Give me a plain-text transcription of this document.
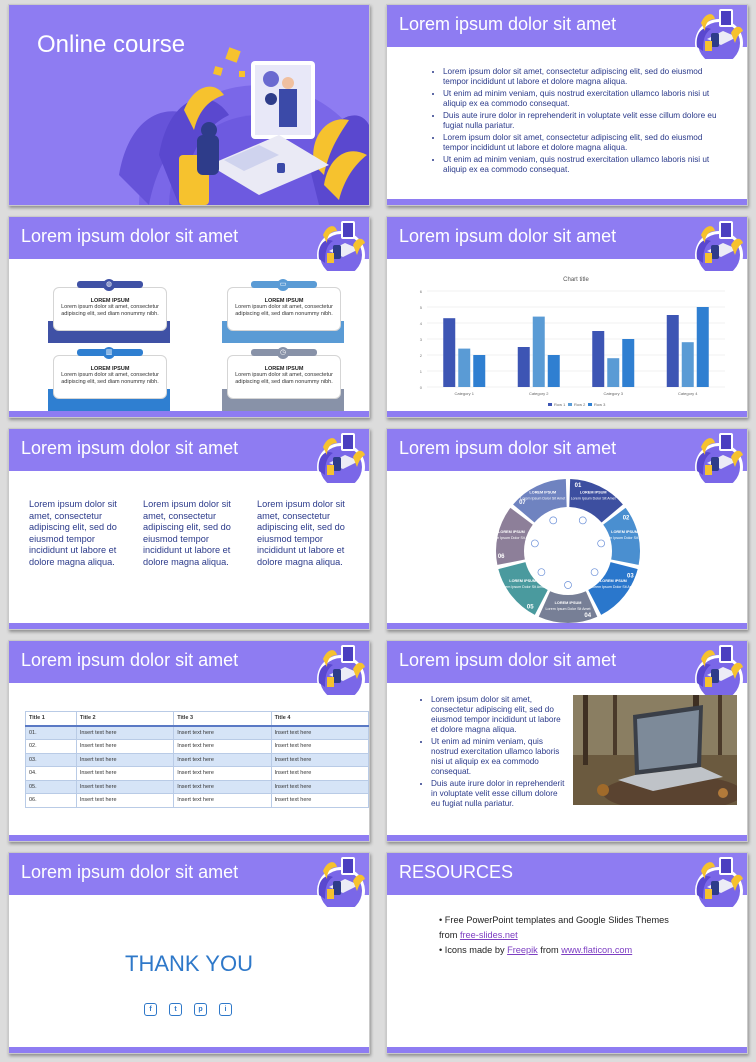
Online course
Lorem ipsum dolor sit amet
• Lorem ipsum dolor sit amet, consectetur adipiscing elit, sed do eiusmod tempor incididunt ut labore et dolore magna aliqua.
• Ut enim ad minim veniam, quis nostrud exercitation ullamco laboris nisi ut aliquip ex ea commodo consequat.
• Duis aute irure dolor in reprehenderit in voluptate velit esse cillum dolore eu fugiat nulla pariatur.
• Lorem ipsum dolor sit amet, consectetur adipiscing elit, sed do eiusmod tempor incididunt ut labore et dolore magna aliqua.
• Ut enim ad minim veniam, quis nostrud exercitation ullamco laboris nisi ut aliquip ex ea commodo consequat.
Lorem ipsum dolor sit amet
LOREM IPSUM
Lorem ipsum dolor sit amet, consectetur adipiscing elit, sed diam nonummy nibh.
◍
LOREM IPSUM
Lorem ipsum dolor sit amet, consectetur adipiscing elit, sed diam nonummy nibh.
▭
LOREM IPSUM
Lorem ipsum dolor sit amet, consectetur adipiscing elit, sed diam nonummy nibh.
▥
LOREM IPSUM
Lorem ipsum dolor sit amet, consectetur adipiscing elit, sed diam nonummy nibh.
◷
Lorem ipsum dolor sit amet
Chart title
0
1
2
3
4
5
6
Category 1	Category 2	Category 3	Category 4
Row 1 Row 2 Row 3
Lorem ipsum dolor sit amet
Lorem ipsum dolor sit amet, consectetur adipiscing elit, sed do eiusmod tempor incididunt ut labore et dolore magna aliqua.
Lorem ipsum dolor sit amet, consectetur adipiscing elit, sed do eiusmod tempor incididunt ut labore et dolore magna aliqua.
Lorem ipsum dolor sit amet, consectetur adipiscing elit, sed do eiusmod tempor incididunt ut labore et dolore magna aliqua.
Lorem ipsum dolor sit amet
LOREM IPSUM
Lorem Ipsum Dolor Sit Amet
01
LOREM IPSUM
Lorem Ipsum Dolor Sit Amet
02
LOREM IPSUM
Lorem Ipsum Dolor Sit Amet
03
LOREM IPSUM
Lorem Ipsum Dolor Sit Amet
04
LOREM IPSUM
Lorem Ipsum Dolor Sit Amet
05
LOREM IPSUM
Lorem Ipsum Dolor Sit Amet
06
LOREM IPSUM
Lorem Ipsum Dolor Sit Amet
07
Lorem ipsum dolor sit amet
Title 1	Title 2	Title 3	Title 4
01.	Insert text here	Insert text here	Insert text here
02.	Insert text here	Insert text here	Insert text here
03.	Insert text here	Insert text here	Insert text here
04.	Insert text here	Insert text here	Insert text here
05.	Insert text here	Insert text here	Insert text here
06.	Insert text here	Insert text here	Insert text here
Lorem ipsum dolor sit amet
• Lorem ipsum dolor sit amet, consectetur adipiscing elit, sed do eiusmod tempor incididunt ut labore et dolore magna aliqua.
• Ut enim ad minim veniam, quis nostrud exercitation ullamco laboris nisi ut aliquip ex ea commodo consequat.
• Duis aute irure dolor in reprehenderit in voluptate velit esse cillum dolore eu fugiat nulla pariatur.
Lorem ipsum dolor sit amet
THANK YOU
f	t	p	i
RESOURCES
• Free PowerPoint templates and Google Slides Themes
from free-slides.net
• Icons made by Freepik from www.flaticon.com
